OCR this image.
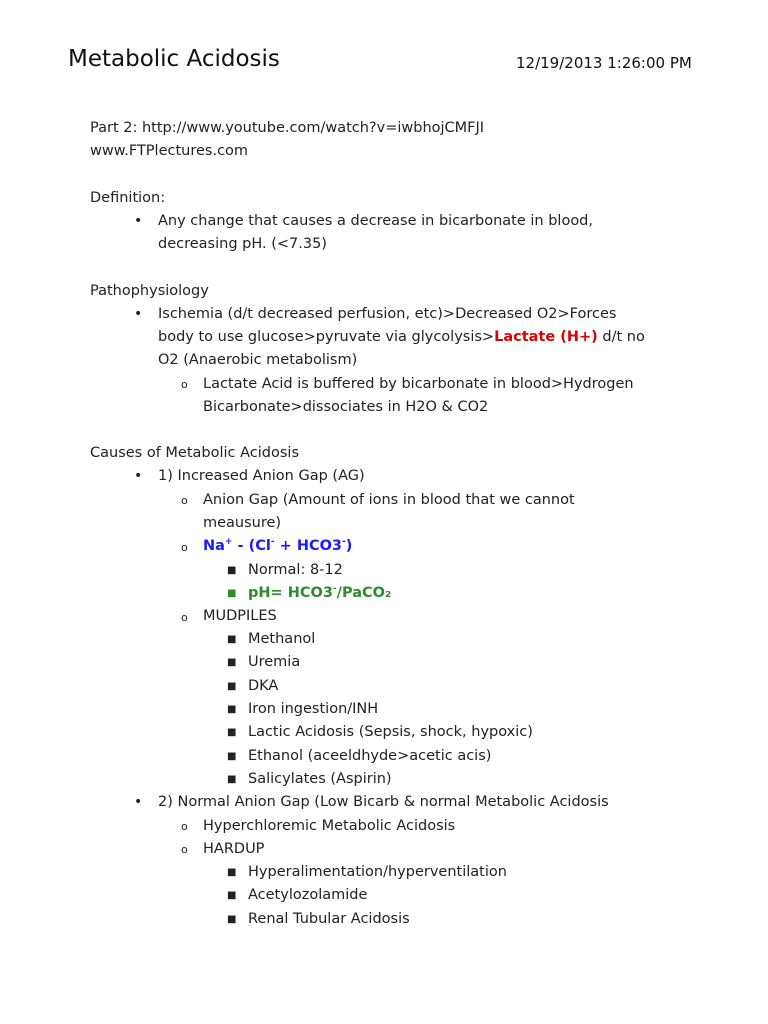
Metabolic Acidosis	12/19/2013 1:26:00 PM
Part 2: http://www.youtube.com/watch?v=iwbhojCMFJI
www.FTPlectures.com
Definition:
• Any change that causes a decrease in bicarbonate in blood,
decreasing pH. (<7.35)
Pathophysiology
• Ischemia (d/t decreased perfusion, etc)>Decreased O2>Forces
body to use glucose>pyruvate via glycolysis>Lactate (H+) d/t no
O2 (Anaerobic metabolism)
o Lactate Acid is buffered by bicarbonate in blood>Hydrogen
Bicarbonate>dissociates in H2O & CO2
Causes of Metabolic Acidosis
• 1) Increased Anion Gap (AG)
o Anion Gap (Amount of ions in blood that we cannot
meausure)
o Na+ - (Cl- + HCO3-)
■ Normal: 8-12
■ pH= HCO3-/PaCO₂
o MUDPILES
■ Methanol
■ Uremia
■ DKA
■ Iron ingestion/INH
■ Lactic Acidosis (Sepsis, shock, hypoxic)
■ Ethanol (aceeldhyde>acetic acis)
■ Salicylates (Aspirin)
• 2) Normal Anion Gap (Low Bicarb & normal Metabolic Acidosis
o Hyperchloremic Metabolic Acidosis
o HARDUP
■ Hyperalimentation/hyperventilation
■ Acetylozolamide
■ Renal Tubular Acidosis
